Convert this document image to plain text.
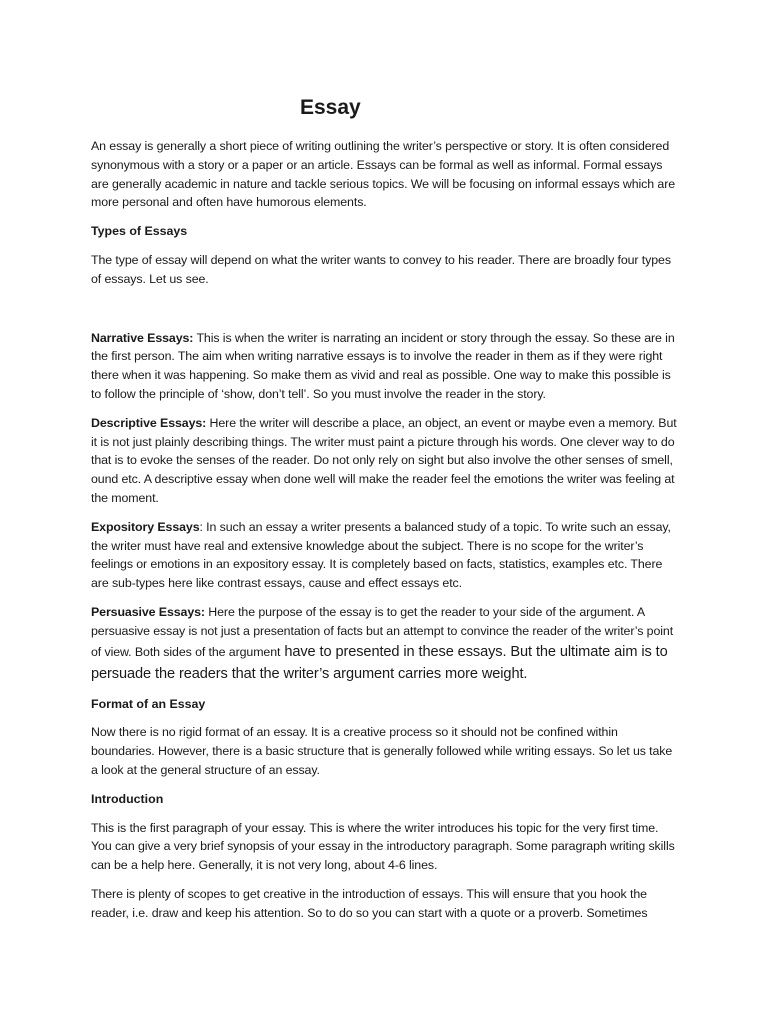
Essay

An essay is generally a short piece of writing outlining the writer’s perspective or story. It is often considered synonymous with a story or a paper or an article. Essays can be formal as well as informal. Formal essays are generally academic in nature and tackle serious topics. We will be focusing on informal essays which are more personal and often have humorous elements.

Types of Essays

The type of essay will depend on what the writer wants to convey to his reader. There are broadly four types of essays. Let us see.

Narrative Essays: This is when the writer is narrating an incident or story through the essay. So these are in the first person. The aim when writing narrative essays is to involve the reader in them as if they were right there when it was happening. So make them as vivid and real as possible. One way to make this possible is to follow the principle of ‘show, don’t tell’. So you must involve the reader in the story.

Descriptive Essays: Here the writer will describe a place, an object, an event or maybe even a memory. But it is not just plainly describing things. The writer must paint a picture through his words. One clever way to do that is to evoke the senses of the reader. Do not only rely on sight but also involve the other senses of smell, ound etc. A descriptive essay when done well will make the reader feel the emotions the writer was feeling at the moment.

Expository Essays: In such an essay a writer presents a balanced study of a topic. To write such an essay, the writer must have real and extensive knowledge about the subject. There is no scope for the writer’s feelings or emotions in an expository essay. It is completely based on facts, statistics, examples etc. There are sub-types here like contrast essays, cause and effect essays etc.

Persuasive Essays: Here the purpose of the essay is to get the reader to your side of the argument. A persuasive essay is not just a presentation of facts but an attempt to convince the reader of the writer’s point of view. Both sides of the argument have to presented in these essays. But the ultimate aim is to persuade the readers that the writer’s argument carries more weight.

Format of an Essay

Now there is no rigid format of an essay. It is a creative process so it should not be confined within boundaries. However, there is a basic structure that is generally followed while writing essays. So let us take a look at the general structure of an essay.

Introduction

This is the first paragraph of your essay. This is where the writer introduces his topic for the very first time. You can give a very brief synopsis of your essay in the introductory paragraph. Some paragraph writing skills can be a help here. Generally, it is not very long, about 4-6 lines.

There is plenty of scopes to get creative in the introduction of essays. This will ensure that you hook the reader, i.e. draw and keep his attention. So to do so you can start with a quote or a proverb. Sometimes
